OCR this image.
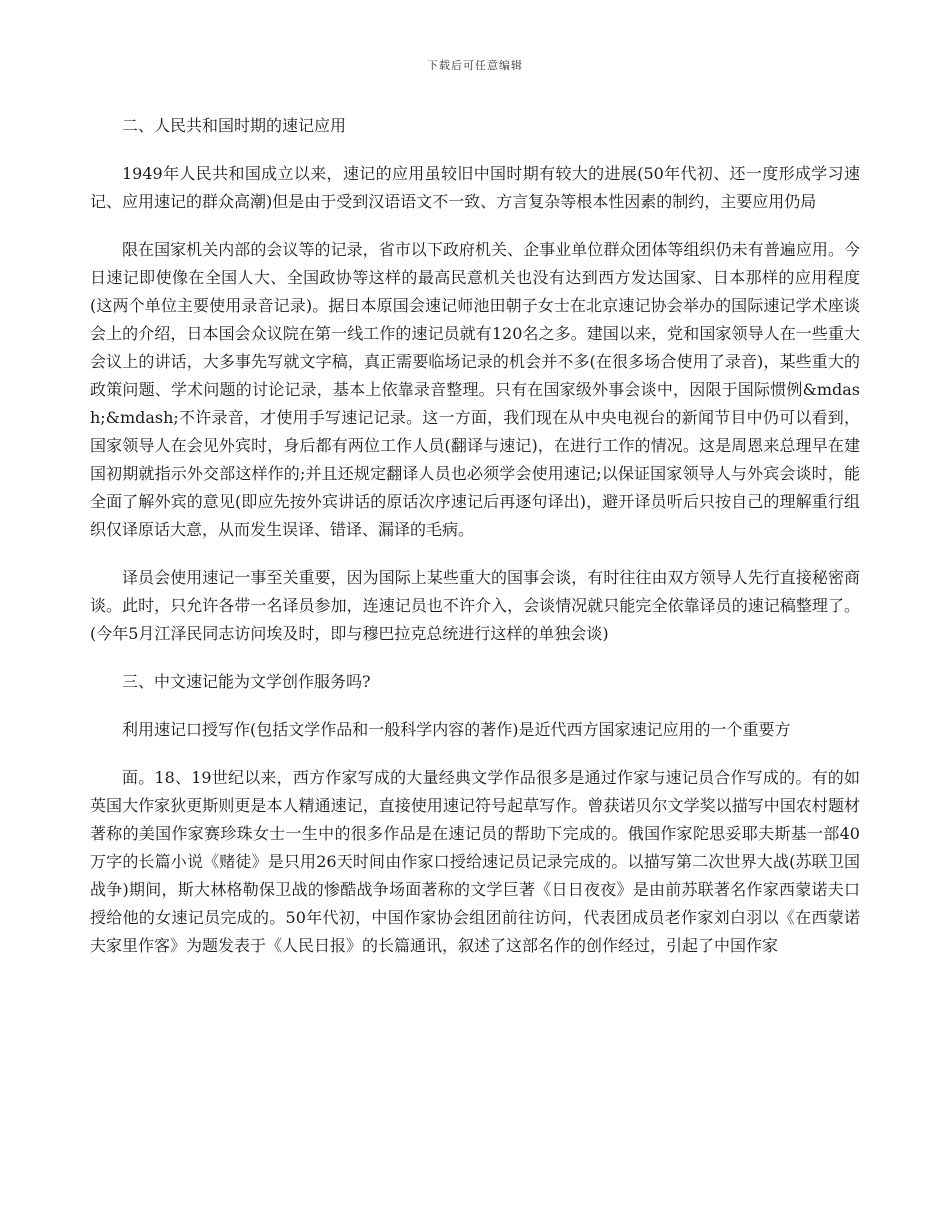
下载后可任意编辑

二、人民共和国时期的速记应用

1949年人民共和国成立以来，速记的应用虽较旧中国时期有较大的进展(50年代初、还一度形成学习速记、应用速记的群众高潮)但是由于受到汉语语文不一致、方言复杂等根本性因素的制约，主要应用仍局

限在国家机关内部的会议等的记录，省市以下政府机关、企事业单位群众团体等组织仍未有普遍应用。今日速记即使像在全国人大、全国政协等这样的最高民意机关也没有达到西方发达国家、日本那样的应用程度(这两个单位主要使用录音记录)。据日本原国会速记师池田朝子女士在北京速记协会举办的国际速记学术座谈会上的介绍，日本国会众议院在第一线工作的速记员就有120名之多。建国以来，党和国家领导人在一些重大会议上的讲话，大多事先写就文字稿，真正需要临场记录的机会并不多(在很多场合使用了录音)，某些重大的政策问题、学术问题的讨论记录，基本上依靠录音整理。只有在国家级外事会谈中，因限于国际惯例&mdash;&mdash;不许录音，才使用手写速记记录。这一方面，我们现在从中央电视台的新闻节目中仍可以看到，国家领导人在会见外宾时，身后都有两位工作人员(翻译与速记)，在进行工作的情况。这是周恩来总理早在建国初期就指示外交部这样作的;并且还规定翻译人员也必须学会使用速记;以保证国家领导人与外宾会谈时，能全面了解外宾的意见(即应先按外宾讲话的原话次序速记后再逐句译出)，避开译员听后只按自己的理解重行组织仅译原话大意，从而发生误译、错译、漏译的毛病。

译员会使用速记一事至关重要，因为国际上某些重大的国事会谈，有时往往由双方领导人先行直接秘密商谈。此时，只允许各带一名译员参加，连速记员也不许介入，会谈情况就只能完全依靠译员的速记稿整理了。(今年5月江泽民同志访问埃及时，即与穆巴拉克总统进行这样的单独会谈)

三、中文速记能为文学创作服务吗?

利用速记口授写作(包括文学作品和一般科学内容的著作)是近代西方国家速记应用的一个重要方

面。18、19世纪以来，西方作家写成的大量经典文学作品很多是通过作家与速记员合作写成的。有的如英国大作家狄更斯则更是本人精通速记，直接使用速记符号起草写作。曾获诺贝尔文学奖以描写中国农村题材著称的美国作家赛珍珠女士一生中的很多作品是在速记员的帮助下完成的。俄国作家陀思妥耶夫斯基一部40万字的长篇小说《赌徒》是只用26天时间由作家口授给速记员记录完成的。以描写第二次世界大战(苏联卫国战争)期间，斯大林格勒保卫战的惨酷战争场面著称的文学巨著《日日夜夜》是由前苏联著名作家西蒙诺夫口授给他的女速记员完成的。50年代初，中国作家协会组团前往访问，代表团成员老作家刘白羽以《在西蒙诺夫家里作客》为题发表于《人民日报》的长篇通讯，叙述了这部名作的创作经过，引起了中国作家
